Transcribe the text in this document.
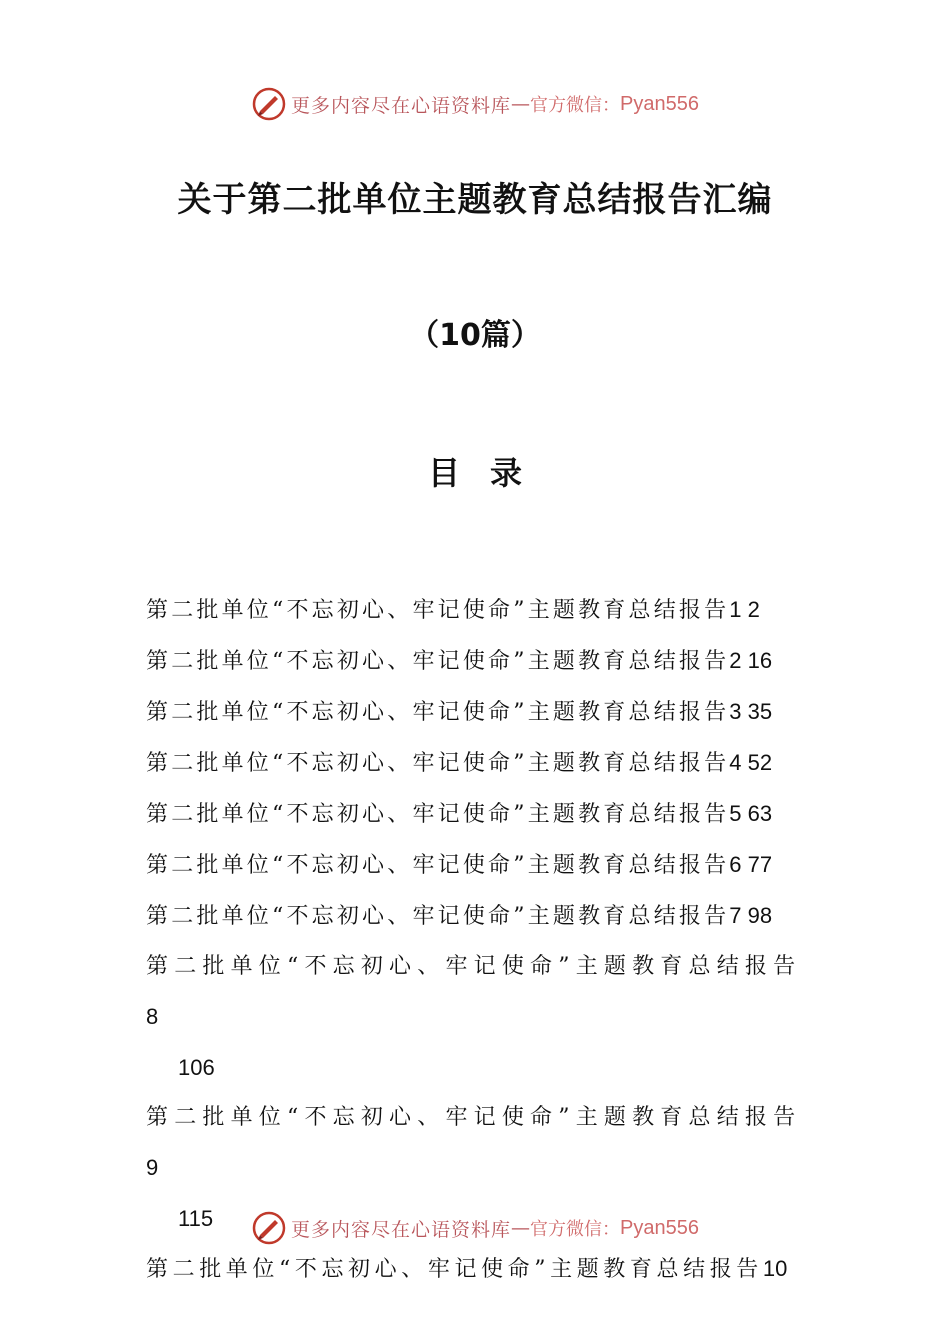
更多内容尽在心语资料库 — 官方微信： Pyan556
关于第二批单位主题教育总结报告汇编
（10篇）
目录
第二批单位“不忘初心、牢记使命”主题教育总结报告1 2
第二批单位“不忘初心、牢记使命”主题教育总结报告2 16
第二批单位“不忘初心、牢记使命”主题教育总结报告3 35
第二批单位“不忘初心、牢记使命”主题教育总结报告4 52
第二批单位“不忘初心、牢记使命”主题教育总结报告5 63
第二批单位“不忘初心、牢记使命”主题教育总结报告6 77
第二批单位“不忘初心、牢记使命”主题教育总结报告7 98
第二批单位“不忘初心、牢记使命”主题教育总结报告 8
106
第二批单位“不忘初心、牢记使命”主题教育总结报告 9
115
第二批单位“不忘初心、牢记使命”主题教育总结报告10
更多内容尽在心语资料库 — 官方微信： Pyan556
